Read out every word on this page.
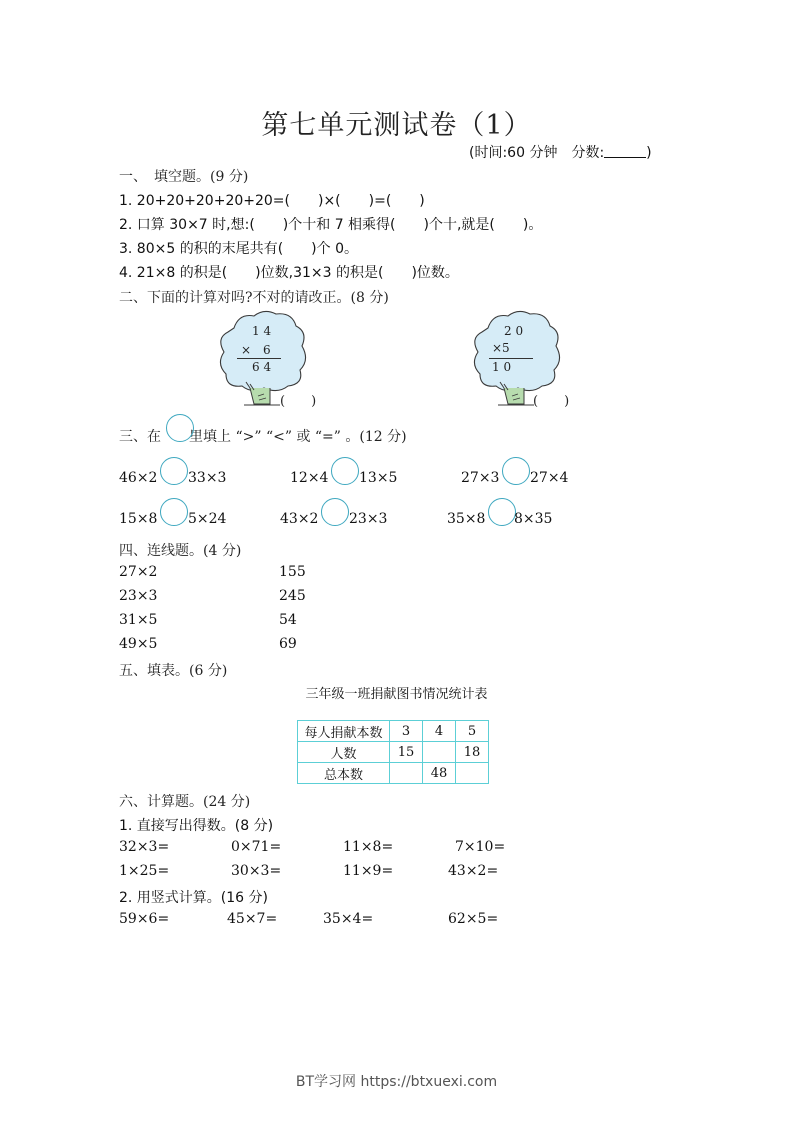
第七单元测试卷（1）
(时间:60 分钟　分数:	)
一、　填空题。(9 分)
1. 20+20+20+20+20=(　　)×(　　)=(　　)
2. 口算 30×7 时,想:(　　)个十和 7 相乘得(　　)个十,就是(　　)。
3. 80×5 的积的末尾共有(　　)个 0。
4. 21×8 的积是(　　)位数,31×3 的积是(　　)位数。
二、下面的计算对吗?不对的请改正。(8 分)
1 4
×　6
6 4
(　　)
2 0
×5
1 0
(　　)
三、在 里填上 “>” “<” 或 “=” 。(12 分)
46×2 33×3	12×4 13×5	27×3 27×4
15×8 5×24	43×2 23×3	35×8 8×35
四、连线题。(4 分)
27×2
23×3
31×5
49×5
155
245
54
69
五、填表。(6 分)
三年级一班捐献图书情况统计表
每人捐献本数	3	4	5
人数	15		18
总本数		48	
六、计算题。(24 分)
1. 直接写出得数。(8 分)
32×3=	0×71=	11×8=	7×10=
1×25=	30×3=	11×9=	43×2=
2. 用竖式计算。(16 分)
59×6=	45×7=	35×4=	62×5=
BT学习网 https://btxuexi.com
